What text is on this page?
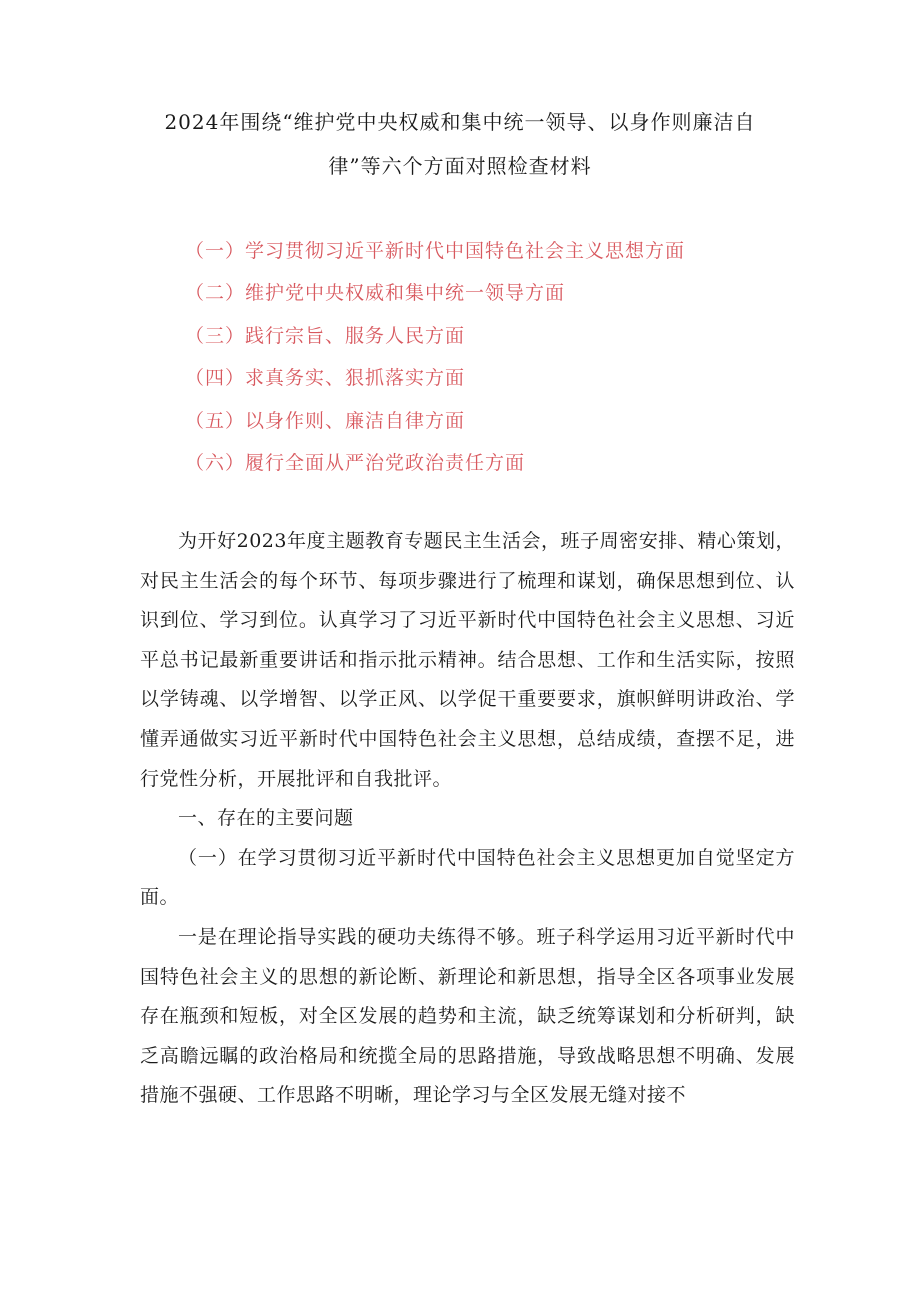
2024年围绕“维护党中央权威和集中统一领导、以身作则廉洁自律”等六个方面对照检查材料
（一）学习贯彻习近平新时代中国特色社会主义思想方面
（二）维护党中央权威和集中统一领导方面
（三）践行宗旨、服务人民方面
（四）求真务实、狠抓落实方面
（五）以身作则、廉洁自律方面
（六）履行全面从严治党政治责任方面

为开好2023年度主题教育专题民主生活会，班子周密安排、精心策划，对民主生活会的每个环节、每项步骤进行了梳理和谋划，确保思想到位、认识到位、学习到位。认真学习了习近平新时代中国特色社会主义思想、习近平总书记最新重要讲话和指示批示精神。结合思想、工作和生活实际，按照以学铸魂、以学增智、以学正风、以学促干重要要求，旗帜鲜明讲政治、学懂弄通做实习近平新时代中国特色社会主义思想，总结成绩，查摆不足，进行党性分析，开展批评和自我批评。

一、存在的主要问题

（一）在学习贯彻习近平新时代中国特色社会主义思想更加自觉坚定方面。

一是在理论指导实践的硬功夫练得不够。班子科学运用习近平新时代中国特色社会主义的思想的新论断、新理论和新思想，指导全区各项事业发展存在瓶颈和短板，对全区发展的趋势和主流，缺乏统筹谋划和分析研判，缺乏高瞻远瞩的政治格局和统揽全局的思路措施，导致战略思想不明确、发展措施不强硬、工作思路不明晰，理论学习与全区发展无缝对接不
